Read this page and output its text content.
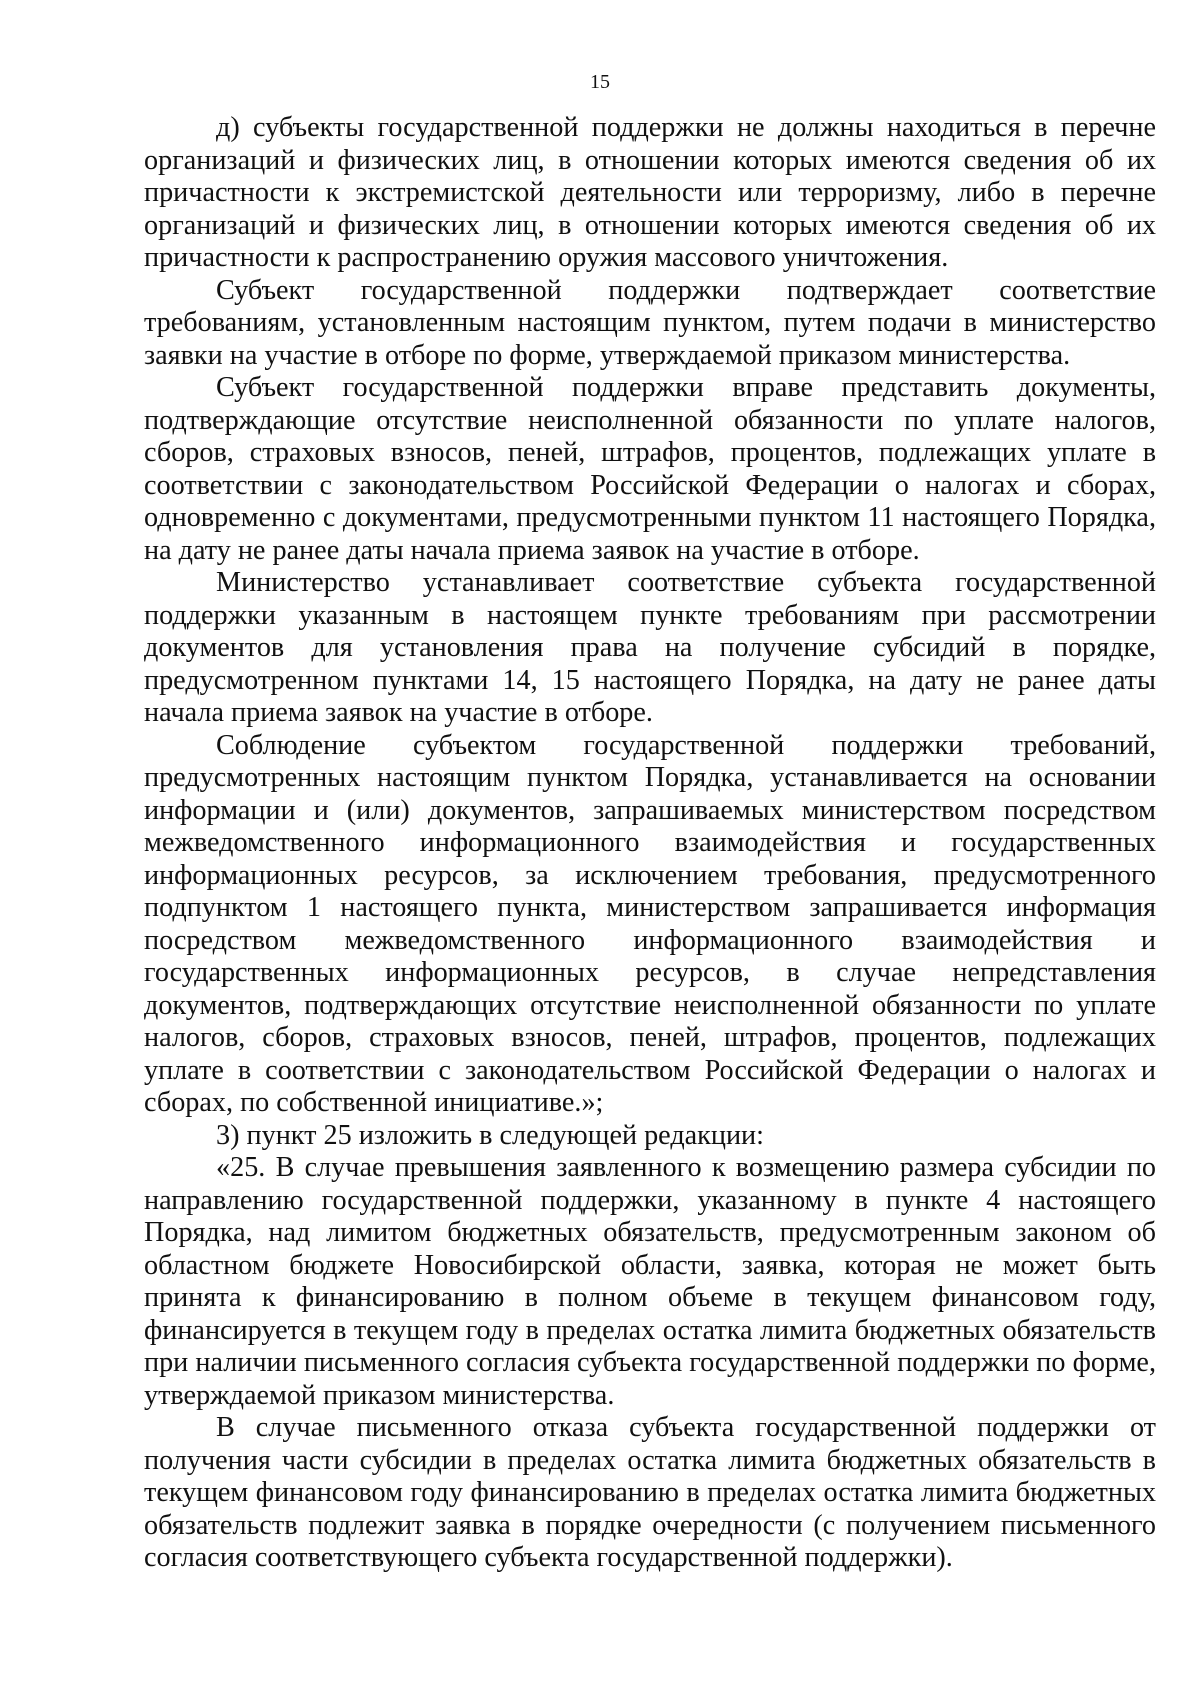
15

д) субъекты государственной поддержки не должны находиться в перечне организаций и физических лиц, в отношении которых имеются сведения об их причастности к экстремистской деятельности или терроризму, либо в перечне организаций и физических лиц, в отношении которых имеются сведения об их причастности к распространению оружия массового уничтожения.

Субъект государственной поддержки подтверждает соответствие требованиям, установленным настоящим пунктом, путем подачи в министерство заявки на участие в отборе по форме, утверждаемой приказом министерства.

Субъект государственной поддержки вправе представить документы, подтверждающие отсутствие неисполненной обязанности по уплате налогов, сборов, страховых взносов, пеней, штрафов, процентов, подлежащих уплате в соответствии с законодательством Российской Федерации о налогах и сборах, одновременно с документами, предусмотренными пунктом 11 настоящего Порядка, на дату не ранее даты начала приема заявок на участие в отборе.

Министерство устанавливает соответствие субъекта государственной поддержки указанным в настоящем пункте требованиям при рассмотрении документов для установления права на получение субсидий в порядке, предусмотренном пунктами 14, 15 настоящего Порядка, на дату не ранее даты начала приема заявок на участие в отборе.

Соблюдение субъектом государственной поддержки требований, предусмотренных настоящим пунктом Порядка, устанавливается на основании информации и (или) документов, запрашиваемых министерством посредством межведомственного информационного взаимодействия и государственных информационных ресурсов, за исключением требования, предусмотренного подпунктом 1 настоящего пункта, министерством запрашивается информация посредством межведомственного информационного взаимодействия и государственных информационных ресурсов, в случае непредставления документов, подтверждающих отсутствие неисполненной обязанности по уплате налогов, сборов, страховых взносов, пеней, штрафов, процентов, подлежащих уплате в соответствии с законодательством Российской Федерации о налогах и сборах, по собственной инициативе.»;

3) пункт 25 изложить в следующей редакции:

«25. В случае превышения заявленного к возмещению размера субсидии по направлению государственной поддержки, указанному в пункте 4 настоящего Порядка, над лимитом бюджетных обязательств, предусмотренным законом об областном бюджете Новосибирской области, заявка, которая не может быть принята к финансированию в полном объеме в текущем финансовом году, финансируется в текущем году в пределах остатка лимита бюджетных обязательств при наличии письменного согласия субъекта государственной поддержки по форме, утверждаемой приказом министерства.

В случае письменного отказа субъекта государственной поддержки от получения части субсидии в пределах остатка лимита бюджетных обязательств в текущем финансовом году финансированию в пределах остатка лимита бюджетных обязательств подлежит заявка в порядке очередности (с получением письменного согласия соответствующего субъекта государственной поддержки).
